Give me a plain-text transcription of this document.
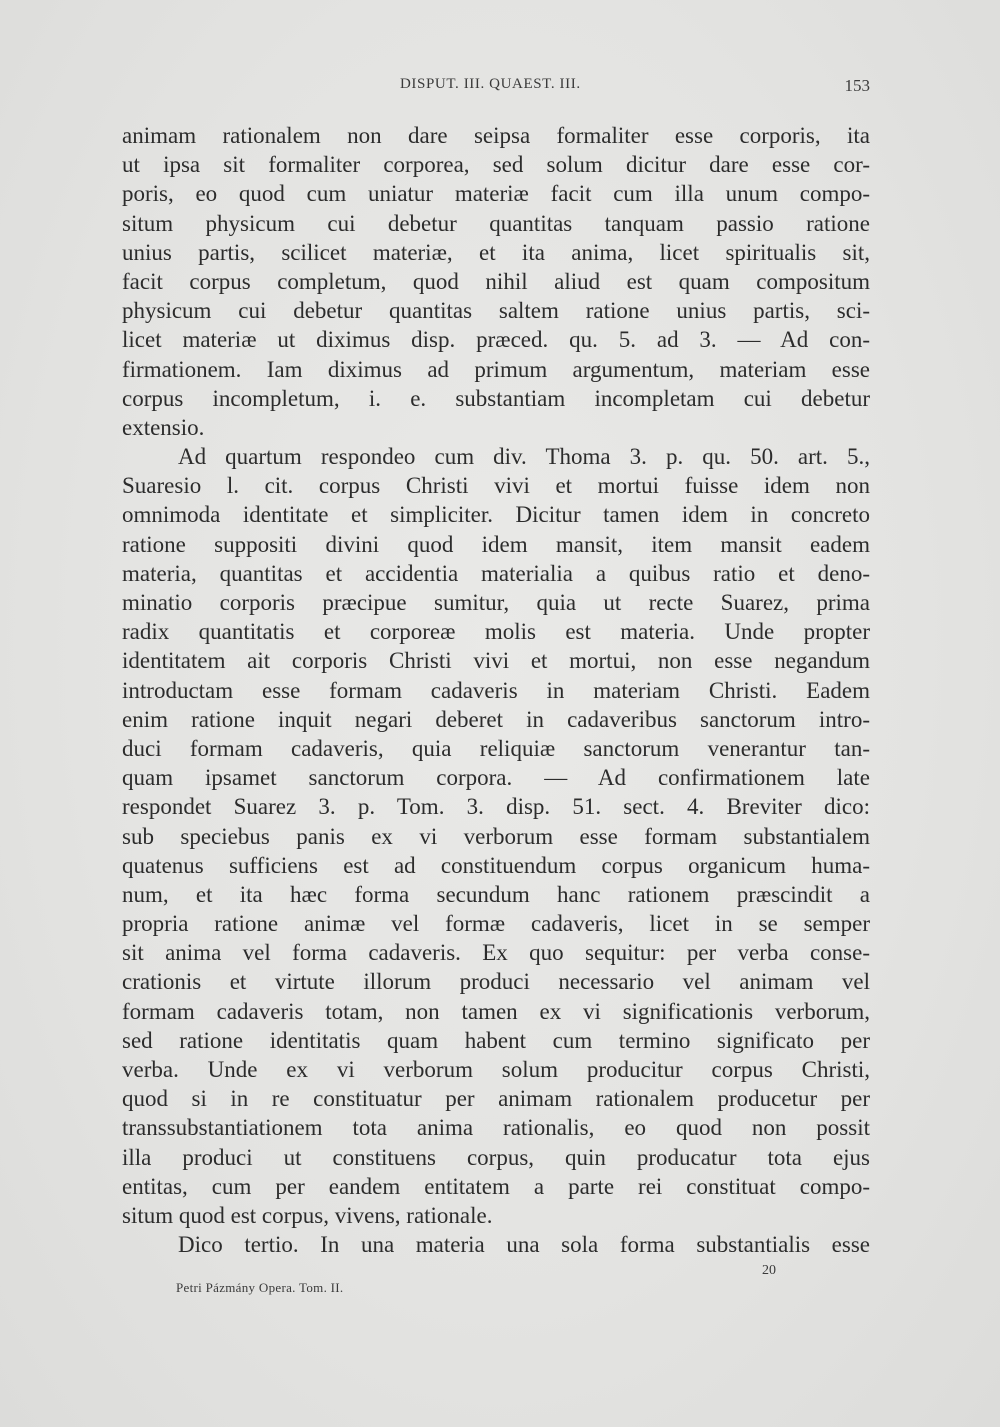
DISPUT. III. QUAEST. III.	153
animam rationalem non dare seipsa formaliter esse corporis, ita
ut ipsa sit formaliter corporea, sed solum dicitur dare esse cor-
poris, eo quod cum uniatur materiæ facit cum illa unum compo-
situm physicum cui debetur quantitas tanquam passio ratione
unius partis, scilicet materiæ, et ita anima, licet spiritualis sit,
facit corpus completum, quod nihil aliud est quam compositum
physicum cui debetur quantitas saltem ratione unius partis, sci-
licet materiæ ut diximus disp. præced. qu. 5. ad 3. — Ad con-
firmationem. Iam diximus ad primum argumentum, materiam esse
corpus incompletum, i. e. substantiam incompletam cui debetur
extensio.
Ad quartum respondeo cum div. Thoma 3. p. qu. 50. art. 5.,
Suaresio l. cit. corpus Christi vivi et mortui fuisse idem non
omnimoda identitate et simpliciter. Dicitur tamen idem in concreto
ratione suppositi divini quod idem mansit, item mansit eadem
materia, quantitas et accidentia materialia a quibus ratio et deno-
minatio corporis præcipue sumitur, quia ut recte Suarez, prima
radix quantitatis et corporeæ molis est materia. Unde propter
identitatem ait corporis Christi vivi et mortui, non esse negandum
introductam esse formam cadaveris in materiam Christi. Eadem
enim ratione inquit negari deberet in cadaveribus sanctorum intro-
duci formam cadaveris, quia reliquiæ sanctorum venerantur tan-
quam ipsamet sanctorum corpora. — Ad confirmationem late
respondet Suarez 3. p. Tom. 3. disp. 51. sect. 4. Breviter dico:
sub speciebus panis ex vi verborum esse formam substantialem
quatenus sufficiens est ad constituendum corpus organicum huma-
num, et ita hæc forma secundum hanc rationem præscindit a
propria ratione animæ vel formæ cadaveris, licet in se semper
sit anima vel forma cadaveris. Ex quo sequitur: per verba conse-
crationis et virtute illorum produci necessario vel animam vel
formam cadaveris totam, non tamen ex vi significationis verborum,
sed ratione identitatis quam habent cum termino significato per
verba. Unde ex vi verborum solum producitur corpus Christi,
quod si in re constituatur per animam rationalem producetur per
transsubstantiationem tota anima rationalis, eo quod non possit
illa produci ut constituens corpus, quin producatur tota ejus
entitas, cum per eandem entitatem a parte rei constituat compo-
situm quod est corpus, vivens, rationale.
Dico tertio. In una materia una sola forma substantialis esse
20
Petri Pázmány Opera. Tom. II.
